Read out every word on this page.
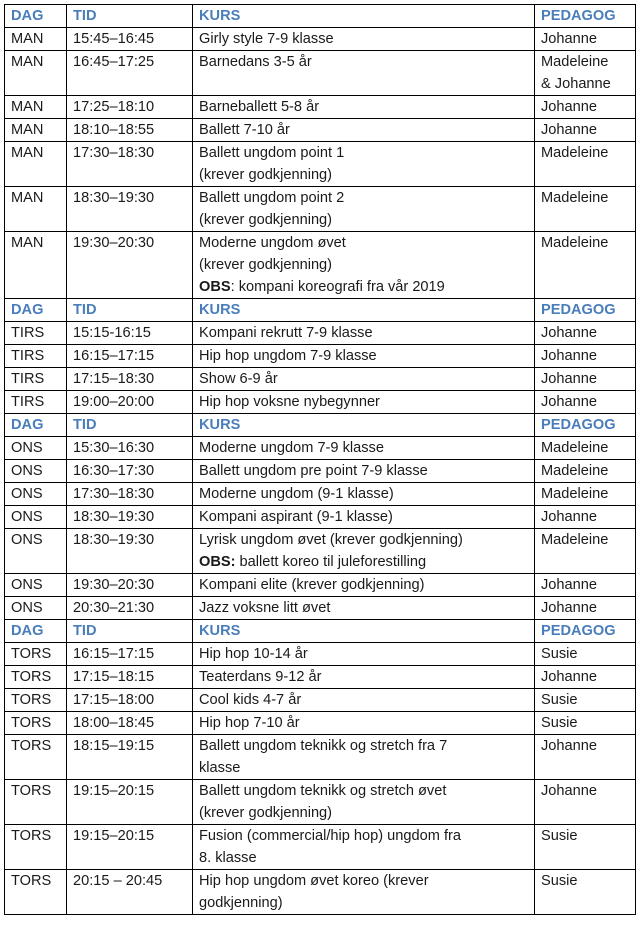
DAG	TID	KURS	PEDAGOG
MAN	15:45–16:45	Girly style 7-9 klasse	Johanne

MAN	16:45–17:25	Barnedans 3-5 år	Madeleine
& Johanne

MAN	17:25–18:10	Barneballett 5-8 år	Johanne

MAN	18:10–18:55	Ballett 7-10 år	Johanne

MAN	17:30–18:30	Ballett ungdom point 1
(krever godkjenning)	Madeleine

MAN	18:30–19:30	Ballett ungdom point 2
(krever godkjenning)	Madeleine

MAN	19:30–20:30	Moderne ungdom øvet
(krever godkjenning)
OBS: kompani koreografi fra vår 2019	Madeleine

DAG	TID	KURS	PEDAGOG
TIRS	15:15-16:15	Kompani rekrutt 7-9 klasse	Johanne

TIRS	16:15–17:15	Hip hop ungdom 7-9 klasse	Johanne

TIRS	17:15–18:30	Show 6-9 år	Johanne

TIRS	19:00–20:00	Hip hop voksne nybegynner	Johanne

DAG	TID	KURS	PEDAGOG
ONS	15:30–16:30	Moderne ungdom 7-9 klasse	Madeleine

ONS	16:30–17:30	Ballett ungdom pre point 7-9 klasse	Madeleine

ONS	17:30–18:30	Moderne ungdom (9-1 klasse)	Madeleine

ONS	18:30–19:30	Kompani aspirant (9-1 klasse)	Johanne

ONS	18:30–19:30	Lyrisk ungdom øvet (krever godkjenning)
OBS: ballett koreo til juleforestilling	Madeleine

ONS	19:30–20:30	Kompani elite (krever godkjenning)	Johanne

ONS	20:30–21:30	Jazz voksne litt øvet	Johanne

DAG	TID	KURS	PEDAGOG
TORS	16:15–17:15	Hip hop 10-14 år	Susie

TORS	17:15–18:15	Teaterdans 9-12 år	Johanne

TORS	17:15–18:00	Cool kids 4-7 år	Susie

TORS	18:00–18:45	Hip hop 7-10 år	Susie

TORS	18:15–19:15	Ballett ungdom teknikk og stretch fra 7
klasse	Johanne

TORS	19:15–20:15	Ballett ungdom teknikk og stretch øvet
(krever godkjenning)	Johanne

TORS	19:15–20:15	Fusion (commercial/hip hop) ungdom fra
8. klasse	Susie

TORS	20:15 – 20:45	Hip hop ungdom øvet koreo (krever
godkjenning)	Susie
